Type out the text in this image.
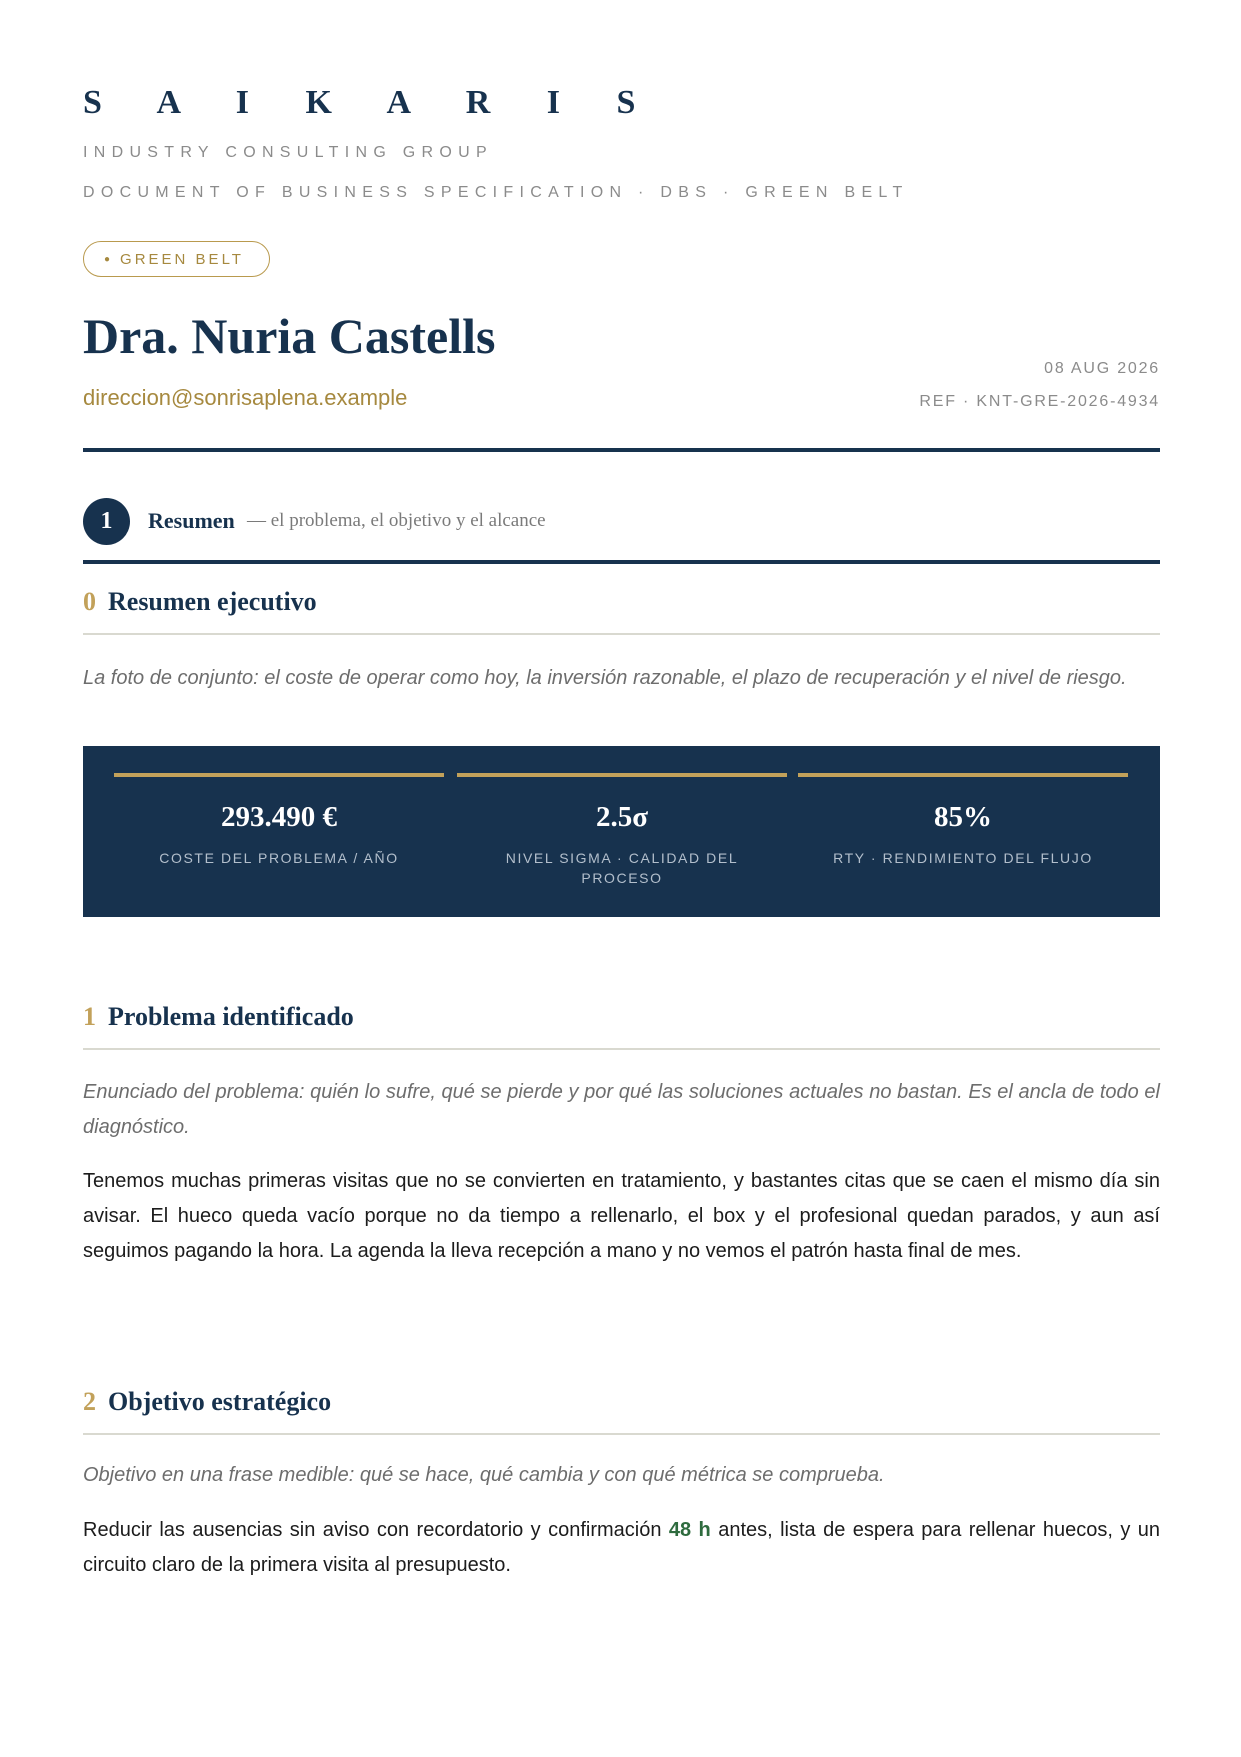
S A I K A R I S
INDUSTRY CONSULTING GROUP
DOCUMENT OF BUSINESS SPECIFICATION · DBS · GREEN BELT
● GREEN BELT
Dra. Nuria Castells
direccion@sonrisaplena.example
08 AUG 2026
REF · KNT-GRE-2026-4934
1	Resumen — el problema, el objetivo y el alcance
0 Resumen ejecutivo
La foto de conjunto: el coste de operar como hoy, la inversión razonable, el plazo de recuperación y el nivel de riesgo.
293.490 €
COSTE DEL PROBLEMA / AÑO
2.5σ
NIVEL SIGMA · CALIDAD DEL PROCESO
85%
RTY · RENDIMIENTO DEL FLUJO
1 Problema identificado
Enunciado del problema: quién lo sufre, qué se pierde y por qué las soluciones actuales no bastan. Es el ancla de todo el diagnóstico.
Tenemos muchas primeras visitas que no se convierten en tratamiento, y bastantes citas que se caen el mismo día sin avisar. El hueco queda vacío porque no da tiempo a rellenarlo, el box y el profesional quedan parados, y aun así seguimos pagando la hora. La agenda la lleva recepción a mano y no vemos el patrón hasta final de mes.
2 Objetivo estratégico
Objetivo en una frase medible: qué se hace, qué cambia y con qué métrica se comprueba.
Reducir las ausencias sin aviso con recordatorio y confirmación 48 h antes, lista de espera para rellenar huecos, y un circuito claro de la primera visita al presupuesto.
